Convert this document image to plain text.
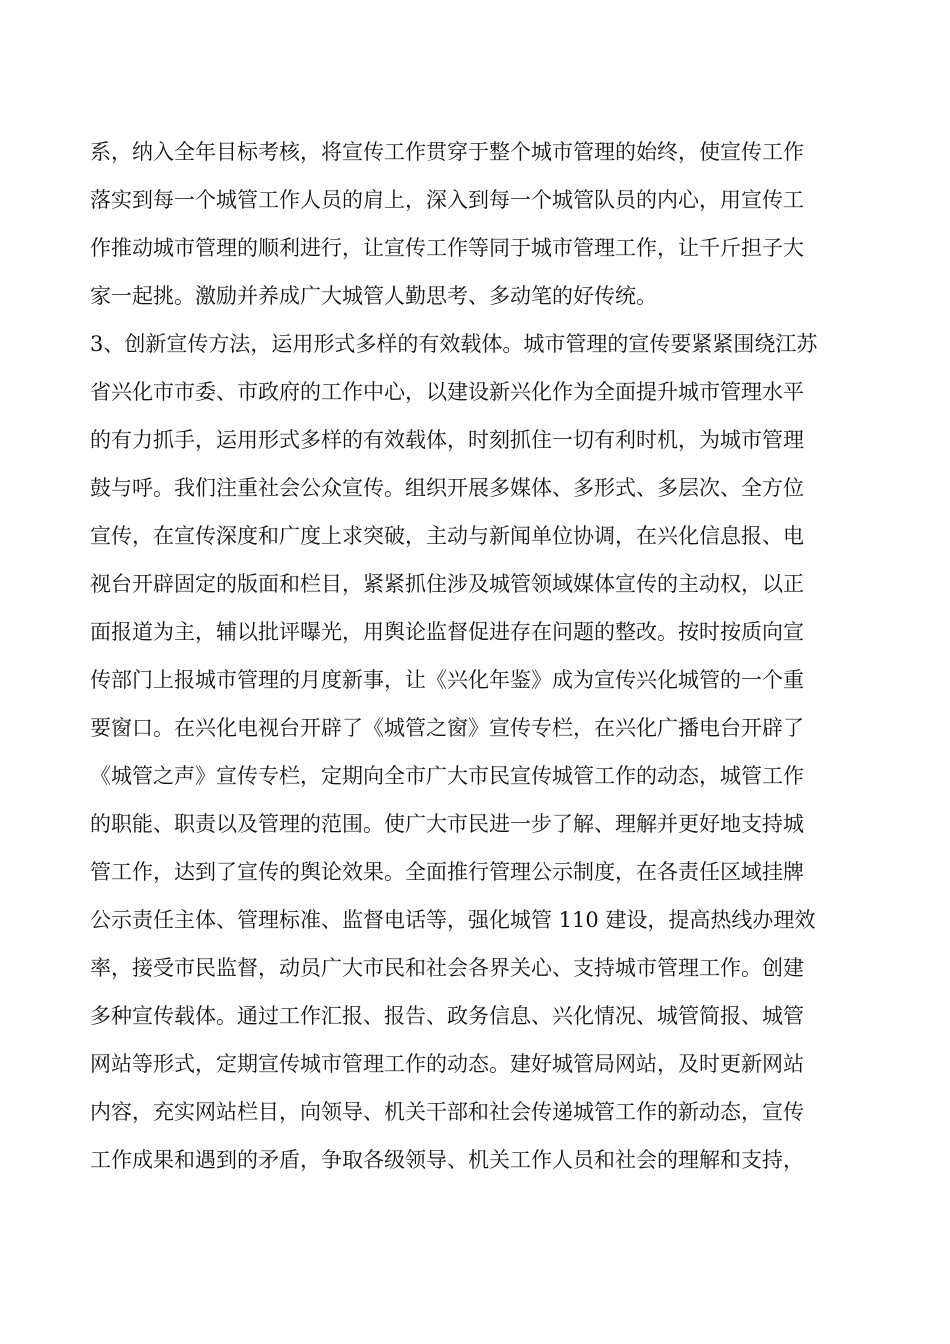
系，纳入全年目标考核，将宣传工作贯穿于整个城市管理的始终，使宣传工作
落实到每一个城管工作人员的肩上，深入到每一个城管队员的内心，用宣传工
作推动城市管理的顺利进行，让宣传工作等同于城市管理工作，让千斤担子大
家一起挑。激励并养成广大城管人勤思考、多动笔的好传统。
3、创新宣传方法，运用形式多样的有效载体。城市管理的宣传要紧紧围绕江苏
省兴化市市委、市政府的工作中心，以建设新兴化作为全面提升城市管理水平
的有力抓手，运用形式多样的有效载体，时刻抓住一切有利时机，为城市管理
鼓与呼。我们注重社会公众宣传。组织开展多媒体、多形式、多层次、全方位
宣传，在宣传深度和广度上求突破，主动与新闻单位协调，在兴化信息报、电
视台开辟固定的版面和栏目，紧紧抓住涉及城管领域媒体宣传的主动权，以正
面报道为主，辅以批评曝光，用舆论监督促进存在问题的整改。按时按质向宣
传部门上报城市管理的月度新事，让《兴化年鉴》成为宣传兴化城管的一个重
要窗口。在兴化电视台开辟了《城管之窗》宣传专栏，在兴化广播电台开辟了
《城管之声》宣传专栏，定期向全市广大市民宣传城管工作的动态，城管工作
的职能、职责以及管理的范围。使广大市民进一步了解、理解并更好地支持城
管工作，达到了宣传的舆论效果。全面推行管理公示制度，在各责任区域挂牌
公示责任主体、管理标准、监督电话等，强化城管 110 建设，提高热线办理效
率，接受市民监督，动员广大市民和社会各界关心、支持城市管理工作。创建
多种宣传载体。通过工作汇报、报告、政务信息、兴化情况、城管简报、城管
网站等形式，定期宣传城市管理工作的动态。建好城管局网站，及时更新网站
内容，充实网站栏目，向领导、机关干部和社会传递城管工作的新动态，宣传
工作成果和遇到的矛盾，争取各级领导、机关工作人员和社会的理解和支持，
